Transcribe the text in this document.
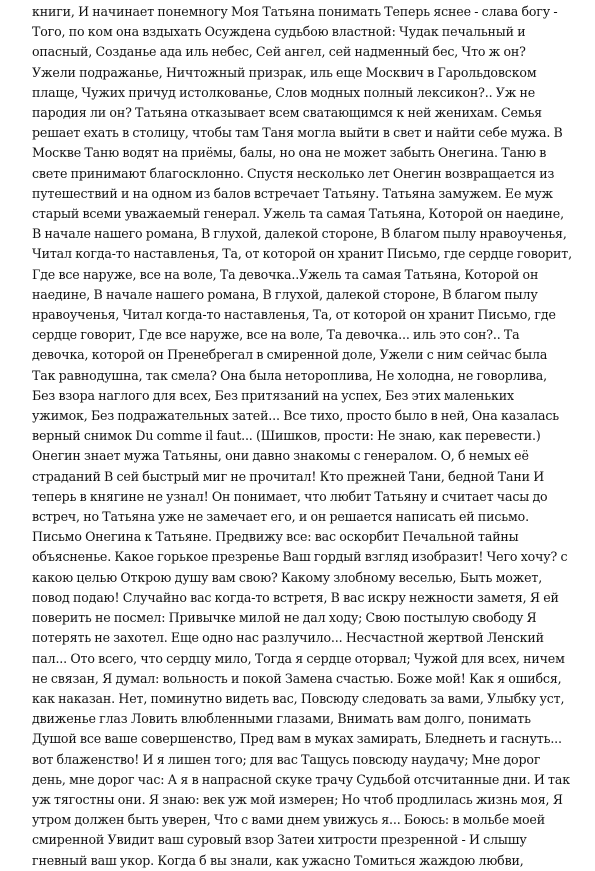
книги, И начинает понемногу Моя Татьяна понимать Теперь яснее - слава богу -
Того, по ком она вздыхать Осуждена судьбою властной: Чудак печальный и
опасный, Созданье ада иль небес, Сей ангел, сей надменный бес, Что ж он?
Ужели подражанье, Ничтожный призрак, иль еще Москвич в Гарольдовском
плаще, Чужих причуд истолкованье, Слов модных полный лексикон?.. Уж не
пародия ли он? Татьяна отказывает всем сватающимся к ней женихам. Семья
решает ехать в столицу, чтобы там Таня могла выйти в свет и найти себе мужа. В
Москве Таню водят на приёмы, балы, но она не может забыть Онегина. Таню в
свете принимают благосклонно. Спустя несколько лет Онегин возвращается из
путешествий и на одном из балов встречает Татьяну. Татьяна замужем. Ее муж
старый всеми уважаемый генерал. Ужель та самая Татьяна, Которой он наедине,
В начале нашего романа, В глухой, далекой стороне, В благом пылу нравоученья,
Читал когда-то наставленья, Та, от которой он хранит Письмо, где сердце говорит,
Где все наруже, все на воле, Та девочка..Ужель та самая Татьяна, Которой он
наедине, В начале нашего романа, В глухой, далекой стороне, В благом пылу
нравоученья, Читал когда-то наставленья, Та, от которой он хранит Письмо, где
сердце говорит, Где все наруже, все на воле, Та девочка... иль это сон?.. Та
девочка, которой он Пренебрегал в смиренной доле, Ужели с ним сейчас была
Так равнодушна, так смела? Она была нетороплива, Не холодна, не говорлива,
Без взора наглого для всех, Без притязаний на успех, Без этих маленьких
ужимок, Без подражательных затей... Все тихо, просто было в ней, Она казалась
верный снимок Du comme il faut... (Шишков, прости: Не знаю, как перевести.)
Онегин знает мужа Татьяны, они давно знакомы с генералом. О, б немых её
страданий В сей быстрый миг не прочитал! Кто прежней Тани, бедной Тани И
теперь в княгине не узнал! Он понимает, что любит Татьяну и считает часы до
встреч, но Татьяна уже не замечает его, и он решается написать ей письмо.
Письмо Онегина к Татьяне. Предвижу все: вас оскорбит Печальной тайны
объясненье. Какое горькое презренье Ваш гордый взгляд изобразит! Чего хочу? с
какою целью Открою душу вам свою? Какому злобному веселью, Быть может,
повод подаю! Случайно вас когда-то встретя, В вас искру нежности заметя, Я ей
поверить не посмел: Привычке милой не дал ходу; Свою постылую свободу Я
потерять не захотел. Еще одно нас разлучило... Несчастной жертвой Ленский
пал... Ото всего, что сердцу мило, Тогда я сердце оторвал; Чужой для всех, ничем
не связан, Я думал: вольность и покой Замена счастью. Боже мой! Как я ошибся,
как наказан. Нет, поминутно видеть вас, Повсюду следовать за вами, Улыбку уст,
движенье глаз Ловить влюбленными глазами, Внимать вам долго, понимать
Душой все ваше совершенство, Пред вам в муках замирать, Бледнеть и гаснуть...
вот блаженство! И я лишен того; для вас Тащусь повсюду наудачу; Мне дорог
день, мне дорог час: А я в напрасной скуке трачу Судьбой отсчитанные дни. И так
уж тягостны они. Я знаю: век уж мой измерен; Но чтоб продлилась жизнь моя, Я
утром должен быть уверен, Что с вами днем увижусь я... Боюсь: в мольбе моей
смиренной Увидит ваш суровый взор Затеи хитрости презренной - И слышу
гневный ваш укор. Когда б вы знали, как ужасно Томиться жаждою любви,
